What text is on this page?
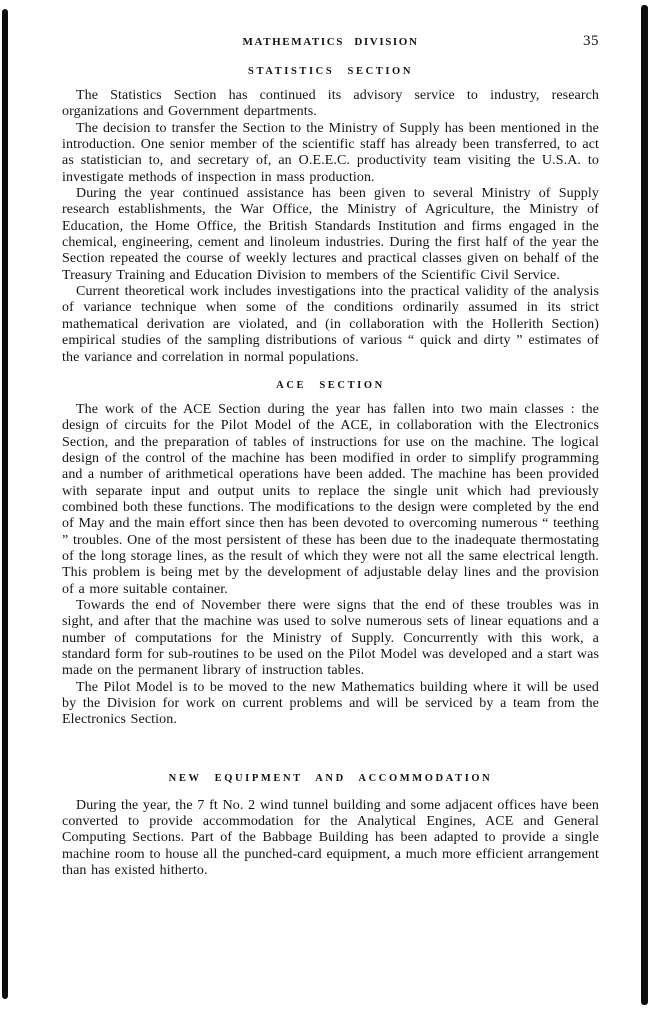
MATHEMATICS DIVISION	35
STATISTICS SECTION

The Statistics Section has continued its advisory service to industry, research organizations and Government departments.

The decision to transfer the Section to the Ministry of Supply has been mentioned in the introduction. One senior member of the scientific staff has already been transferred, to act as statistician to, and secretary of, an O.E.E.C. productivity team visiting the U.S.A. to investigate methods of inspection in mass production.

During the year continued assistance has been given to several Ministry of Supply research establishments, the War Office, the Ministry of Agriculture, the Ministry of Education, the Home Office, the British Standards Institution and firms engaged in the chemical, engineering, cement and linoleum industries. During the first half of the year the Section repeated the course of weekly lectures and practical classes given on behalf of the Treasury Training and Education Division to members of the Scientific Civil Service.

Current theoretical work includes investigations into the practical validity of the analysis of variance technique when some of the conditions ordinarily assumed in its strict mathematical derivation are violated, and (in collaboration with the Hollerith Section) empirical studies of the sampling distributions of various “ quick and dirty ” estimates of the variance and correlation in normal populations.

ACE SECTION

The work of the ACE Section during the year has fallen into two main classes : the design of circuits for the Pilot Model of the ACE, in collaboration with the Electronics Section, and the preparation of tables of instructions for use on the machine. The logical design of the control of the machine has been modified in order to simplify programming and a number of arithmetical operations have been added. The machine has been provided with separate input and output units to replace the single unit which had previously combined both these functions. The modifications to the design were completed by the end of May and the main effort since then has been devoted to overcoming numerous “ teething ” troubles. One of the most persistent of these has been due to the inadequate thermostating of the long storage lines, as the result of which they were not all the same electrical length. This problem is being met by the development of adjustable delay lines and the provision of a more suitable container.

Towards the end of November there were signs that the end of these troubles was in sight, and after that the machine was used to solve numerous sets of linear equations and a number of computations for the Ministry of Supply. Concurrently with this work, a standard form for sub-routines to be used on the Pilot Model was developed and a start was made on the permanent library of instruction tables.

The Pilot Model is to be moved to the new Mathematics building where it will be used by the Division for work on current problems and will be serviced by a team from the Electronics Section.

NEW EQUIPMENT AND ACCOMMODATION

During the year, the 7 ft No. 2 wind tunnel building and some adjacent offices have been converted to provide accommodation for the Analytical Engines, ACE and General Computing Sections. Part of the Babbage Building has been adapted to provide a single machine room to house all the punched-card equipment, a much more efficient arrangement than has existed hitherto.
